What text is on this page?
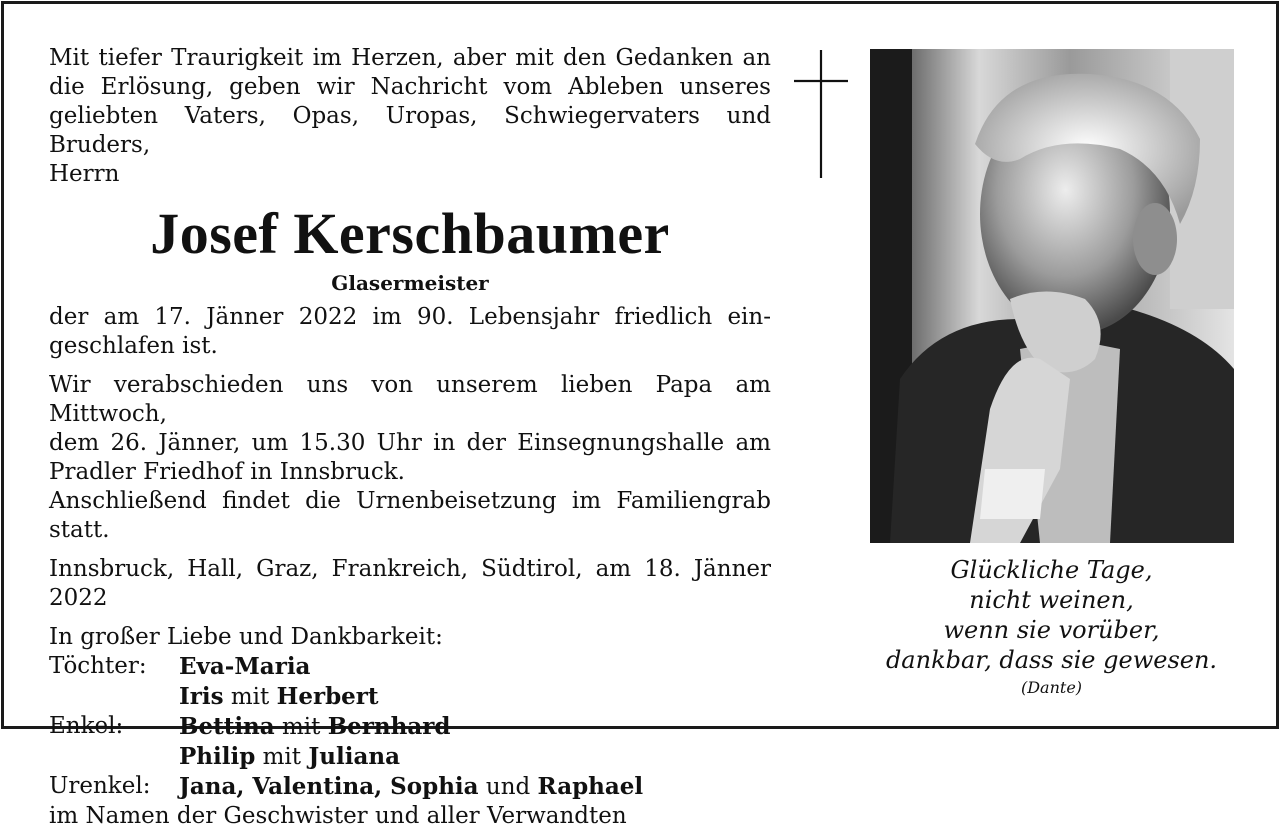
Mit tiefer Traurigkeit im Herzen, aber mit den Gedanken an

die Erlösung, geben wir Nachricht vom Ableben unseres

geliebten Vaters, Opas, Uropas, Schwiegervaters und Bruders,

Herrn

Josef Kerschbaumer
Glasermeister

der am 17. Jänner 2022 im 90. Lebensjahr friedlich ein-

geschlafen ist.

Wir verabschieden uns von unserem lieben Papa am Mittwoch,

dem 26. Jänner, um 15.30 Uhr in der Einsegnungshalle am

Pradler Friedhof in Innsbruck.

Anschließend findet die Urnenbeisetzung im Familiengrab statt.

Innsbruck, Hall, Graz, Frankreich, Südtirol, am 18. Jänner 2022

In großer Liebe und Dankbarkeit:

Töchter:	Eva-Maria
Iris mit Herbert
Enkel:	Bettina mit Bernhard
Philip mit Juliana
Urenkel:	Jana, Valentina, Sophia und Raphael

im Namen der Geschwister und aller Verwandten

Glückliche Tage,
nicht weinen,
wenn sie vorüber,
dankbar, dass sie gewesen.
(Dante)
